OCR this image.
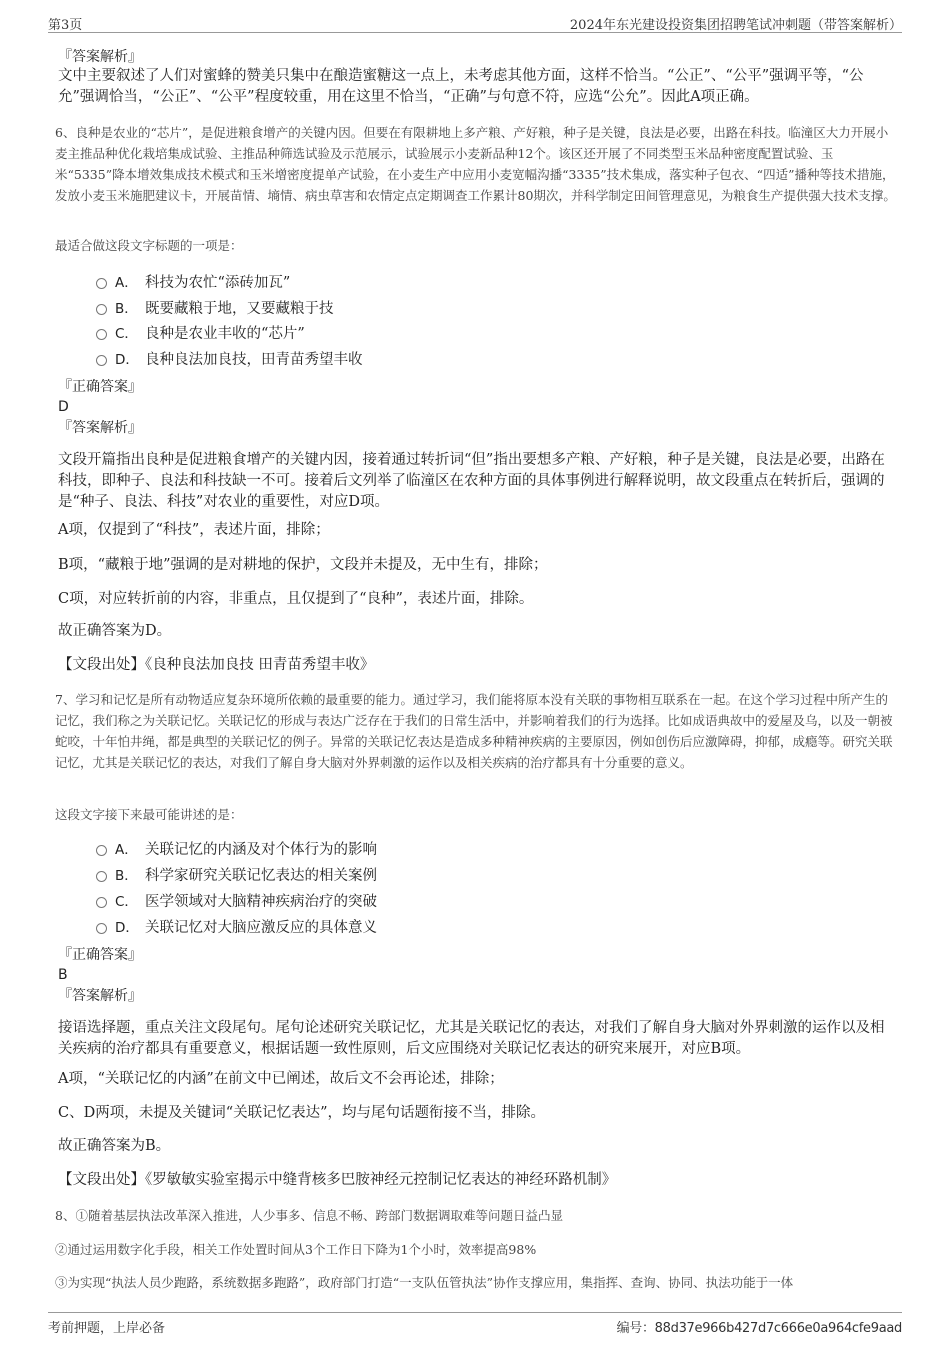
第3页	2024年东光建设投资集团招聘笔试冲刺题（带答案解析）
『答案解析』
文中主要叙述了人们对蜜蜂的赞美只集中在酿造蜜糖这一点上，未考虑其他方面，这样不恰当。“公正”、“公平”强调平等，“公允”强调恰当，“公正”、“公平”程度较重，用在这里不恰当，“正确”与句意不符，应选“公允”。因此A项正确。
6、良种是农业的“芯片”，是促进粮食增产的关键内因。但要在有限耕地上多产粮、产好粮，种子是关键，良法是必要，出路在科技。临潼区大力开展小麦主推品种优化栽培集成试验、主推品种筛选试验及示范展示，试验展示小麦新品种12个。该区还开展了不同类型玉米品种密度配置试验、玉米“5335”降本增效集成技术模式和玉米增密度提单产试验，在小麦生产中应用小麦宽幅沟播“3335”技术集成，落实种子包衣、“四适”播种等技术措施，发放小麦玉米施肥建议卡，开展苗情、墒情、病虫草害和农情定点定期调查工作累计80期次，并科学制定田间管理意见，为粮食生产提供强大技术支撑。
最适合做这段文字标题的一项是：
A． 科技为农忙“添砖加瓦”
B． 既要藏粮于地，又要藏粮于技
C． 良种是农业丰收的“芯片”
D． 良种良法加良技，田青苗秀望丰收
『正确答案』
D
『答案解析』
文段开篇指出良种是促进粮食增产的关键内因，接着通过转折词“但”指出要想多产粮、产好粮，种子是关键，良法是必要，出路在科技，即种子、良法和科技缺一不可。接着后文列举了临潼区在农种方面的具体事例进行解释说明，故文段重点在转折后，强调的是“种子、良法、科技”对农业的重要性，对应D项。
A项，仅提到了“科技”，表述片面，排除；
B项，“藏粮于地”强调的是对耕地的保护，文段并未提及，无中生有，排除；
C项，对应转折前的内容，非重点，且仅提到了“良种”，表述片面，排除。
故正确答案为D。
【文段出处】《良种良法加良技 田青苗秀望丰收》
7、学习和记忆是所有动物适应复杂环境所依赖的最重要的能力。通过学习，我们能将原本没有关联的事物相互联系在一起。在这个学习过程中所产生的记忆，我们称之为关联记忆。关联记忆的形成与表达广泛存在于我们的日常生活中，并影响着我们的行为选择。比如成语典故中的爱屋及乌，以及一朝被蛇咬，十年怕井绳，都是典型的关联记忆的例子。异常的关联记忆表达是造成多种精神疾病的主要原因，例如创伤后应激障碍，抑郁，成瘾等。研究关联记忆，尤其是关联记忆的表达，对我们了解自身大脑对外界刺激的运作以及相关疾病的治疗都具有十分重要的意义。
这段文字接下来最可能讲述的是：
A． 关联记忆的内涵及对个体行为的影响
B． 科学家研究关联记忆表达的相关案例
C． 医学领域对大脑精神疾病治疗的突破
D． 关联记忆对大脑应激反应的具体意义
『正确答案』
B
『答案解析』
接语选择题，重点关注文段尾句。尾句论述研究关联记忆，尤其是关联记忆的表达，对我们了解自身大脑对外界刺激的运作以及相关疾病的治疗都具有重要意义，根据话题一致性原则，后文应围绕对关联记忆表达的研究来展开，对应B项。
A项，“关联记忆的内涵”在前文中已阐述，故后文不会再论述，排除；
C、D两项，未提及关键词“关联记忆表达”，均与尾句话题衔接不当，排除。
故正确答案为B。
【文段出处】《罗敏敏实验室揭示中缝背核多巴胺神经元控制记忆表达的神经环路机制》
8、①随着基层执法改革深入推进，人少事多、信息不畅、跨部门数据调取难等问题日益凸显
②通过运用数字化手段，相关工作处置时间从3个工作日下降为1个小时，效率提高98%
③为实现“执法人员少跑路，系统数据多跑路”，政府部门打造“一支队伍管执法”协作支撑应用，集指挥、查询、协同、执法功能于一体
考前押题，上岸必备	编号：88d37e966b427d7c666e0a964cfe9aad
